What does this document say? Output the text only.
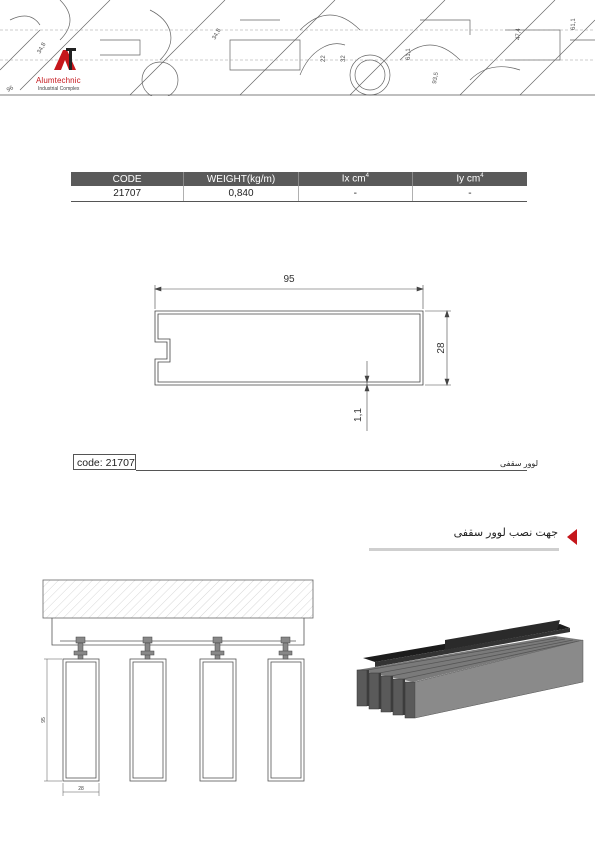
34,8
34,8
22 32	61,1
93,5
47,4
61,1
96
Alumtechnic
Industrial Complex
CODE	WEIGHT(kg/m)	Ix $cm^4$	Iy $cm^4$
21707	0,840	-	-
95
28
1,1
code: 21707	لوور سقفی
جهت نصب لوور سقفی
95
28
